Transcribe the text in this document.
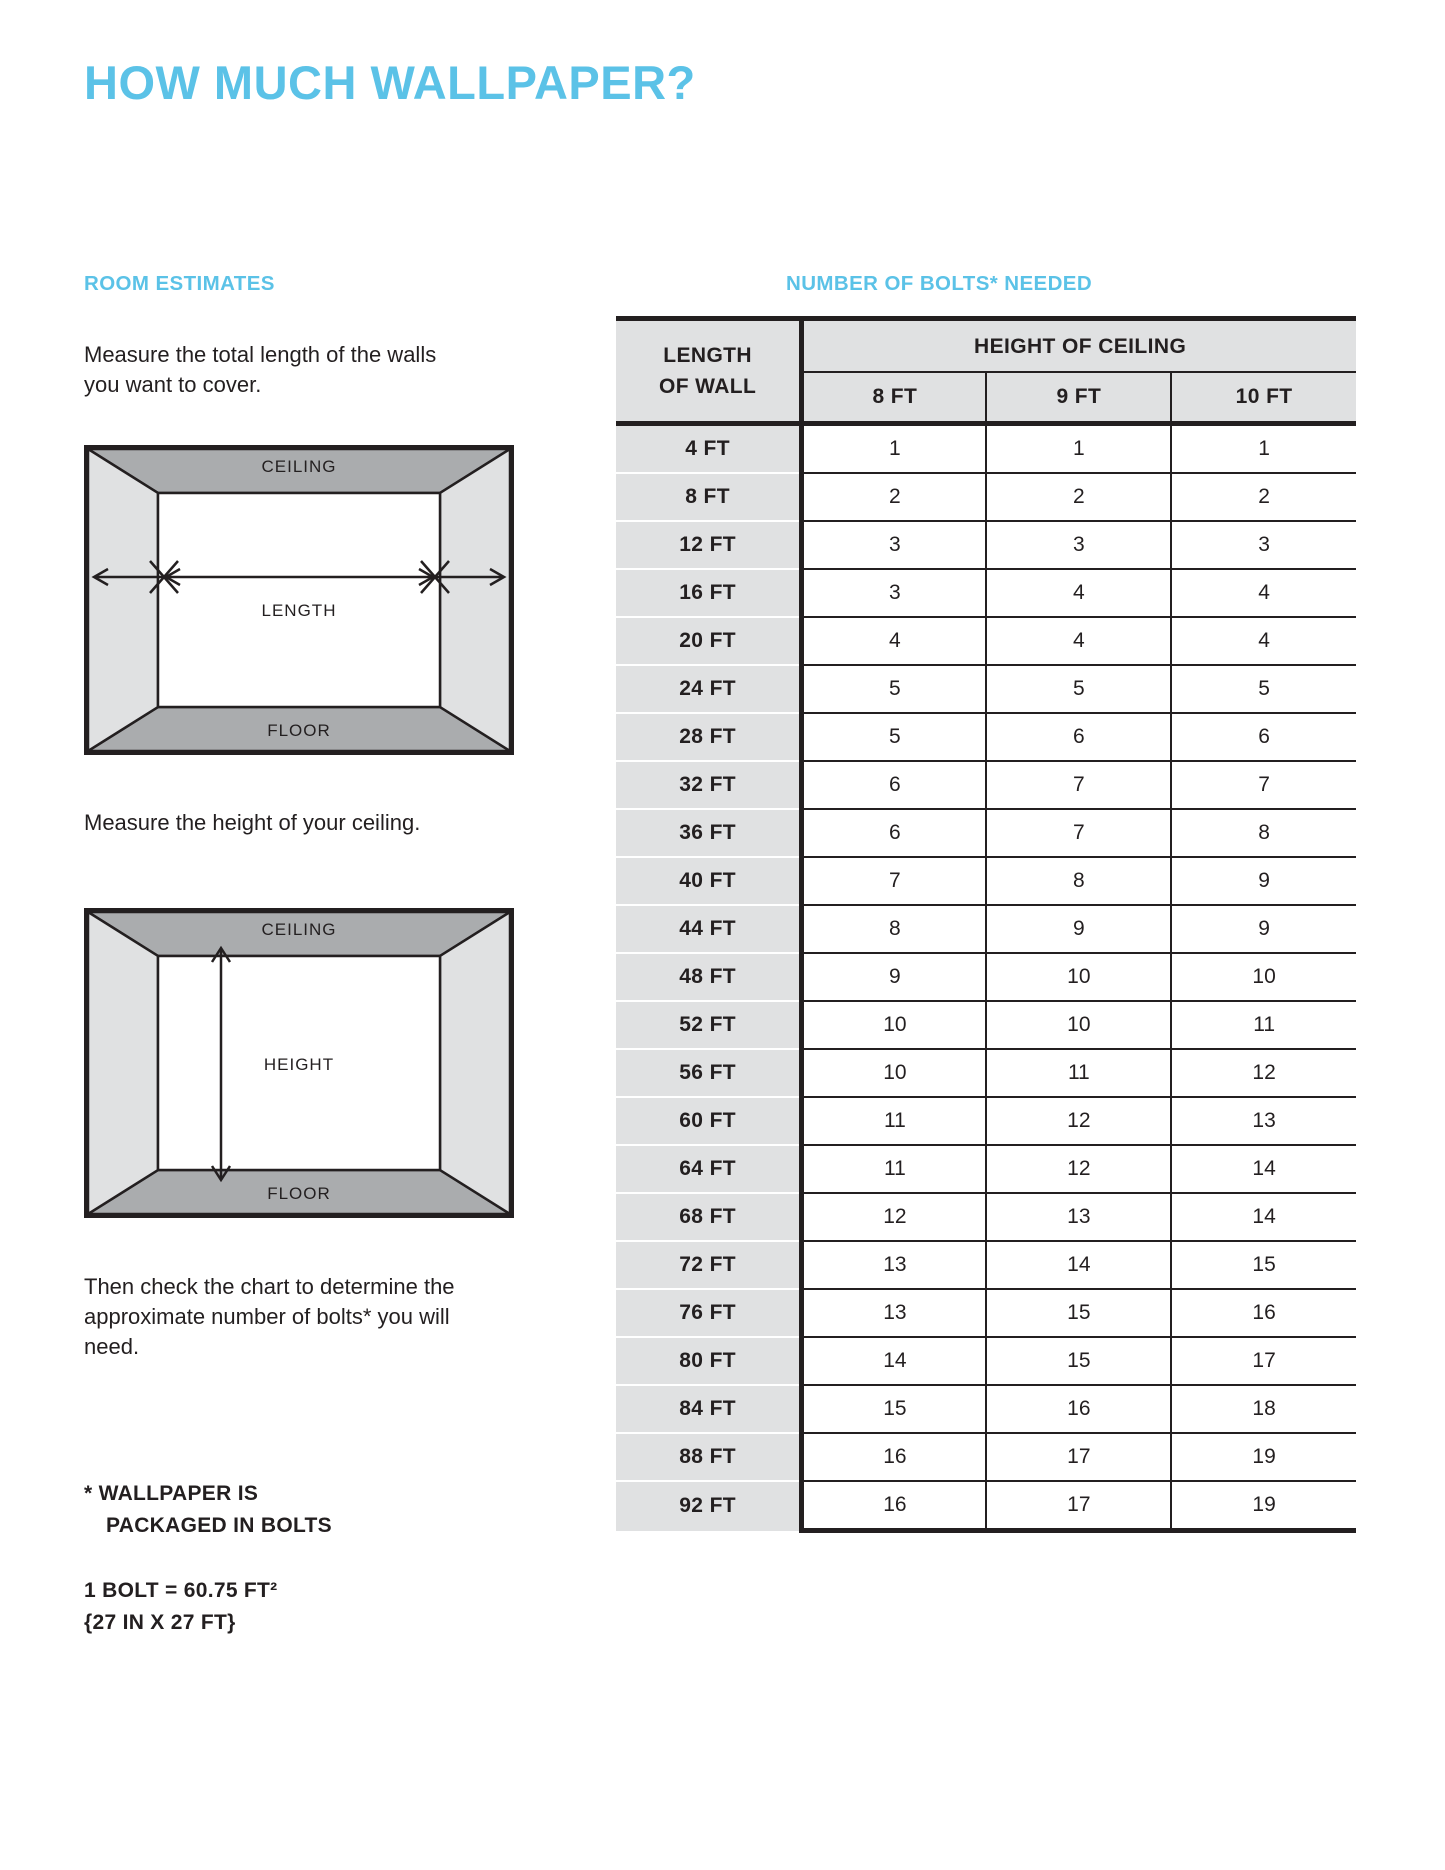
HOW MUCH WALLPAPER?
ROOM ESTIMATES	NUMBER OF BOLTS* NEEDED
Measure the total length of the walls you want to cover.
Measure the height of your ceiling.
Then check the chart to determine the approximate number of bolts* you will need.
* WALLPAPER IS
PACKAGED IN BOLTS
1 BOLT = 60.75 FT²
{27 IN X 27 FT}
CEILING
FLOOR
LENGTH
CEILING
FLOOR
HEIGHT
LENGTH
OF WALL	HEIGHT OF CEILING		
	8 FT	9 FT	10 FT
4 FT	1	1	1
8 FT	2	2	2
12 FT	3	3	3
16 FT	3	4	4
20 FT	4	4	4
24 FT	5	5	5
28 FT	5	6	6
32 FT	6	7	7
36 FT	6	7	8
40 FT	7	8	9
44 FT	8	9	9
48 FT	9	10	10
52 FT	10	10	11
56 FT	10	11	12
60 FT	11	12	13
64 FT	11	12	14
68 FT	12	13	14
72 FT	13	14	15
76 FT	13	15	16
80 FT	14	15	17
84 FT	15	16	18
88 FT	16	17	19
92 FT	16	17	19
